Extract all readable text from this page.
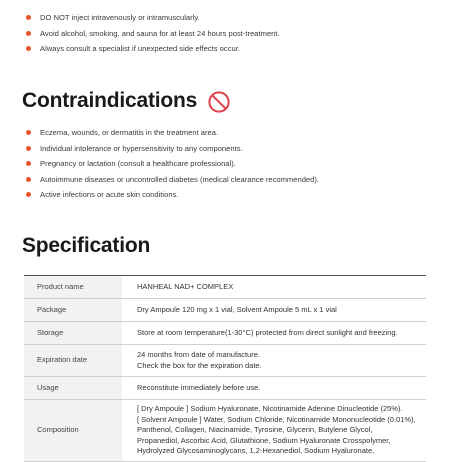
DO NOT inject intravenously or intramuscularly.
Avoid alcohol, smoking, and sauna for at least 24 hours post-treatment.
Always consult a specialist if unexpected side effects occur.
Contraindications
Eczema, wounds, or dermatitis in the treatment area.
Individual intolerance or hypersensitivity to any components.
Pregnancy or lactation (consult a healthcare professional).
Autoimmune diseases or uncontrolled diabetes (medical clearance recommended).
Active infections or acute skin conditions.
Specification
Product name	HANHEAL NAD+ COMPLEX

Package	Dry Ampoule 120 mg x 1 vial, Solvent Ampoule 5 mL x 1 vial

Storage	Store at room temperature(1-30°C) protected from direct sunlight and freezing.

Expiration date	24 months from date of manufacture.
Check the box for the expiration date.

Usage	Reconstitute immediately before use.

Composition	[ Dry Ampoule ] Sodium Hyaluronate, Nicotinamide Adenine Dinucleotide (25%).
[ Solvent Ampoule ] Water, Sodium Chloride, Nicotinamide Mononucleotide (0.01%),
Panthenol, Collagen, Niacinamide, Tyrosine, Glycerin, Butylene Glycol,
Propanediol, Ascorbic Acid, Glutathione, Sodium Hyaluronate Crosspolymer,
Hydrolyzed Glycosaminoglycans, 1,2-Hexanediol, Sodium Hyaluronate,
